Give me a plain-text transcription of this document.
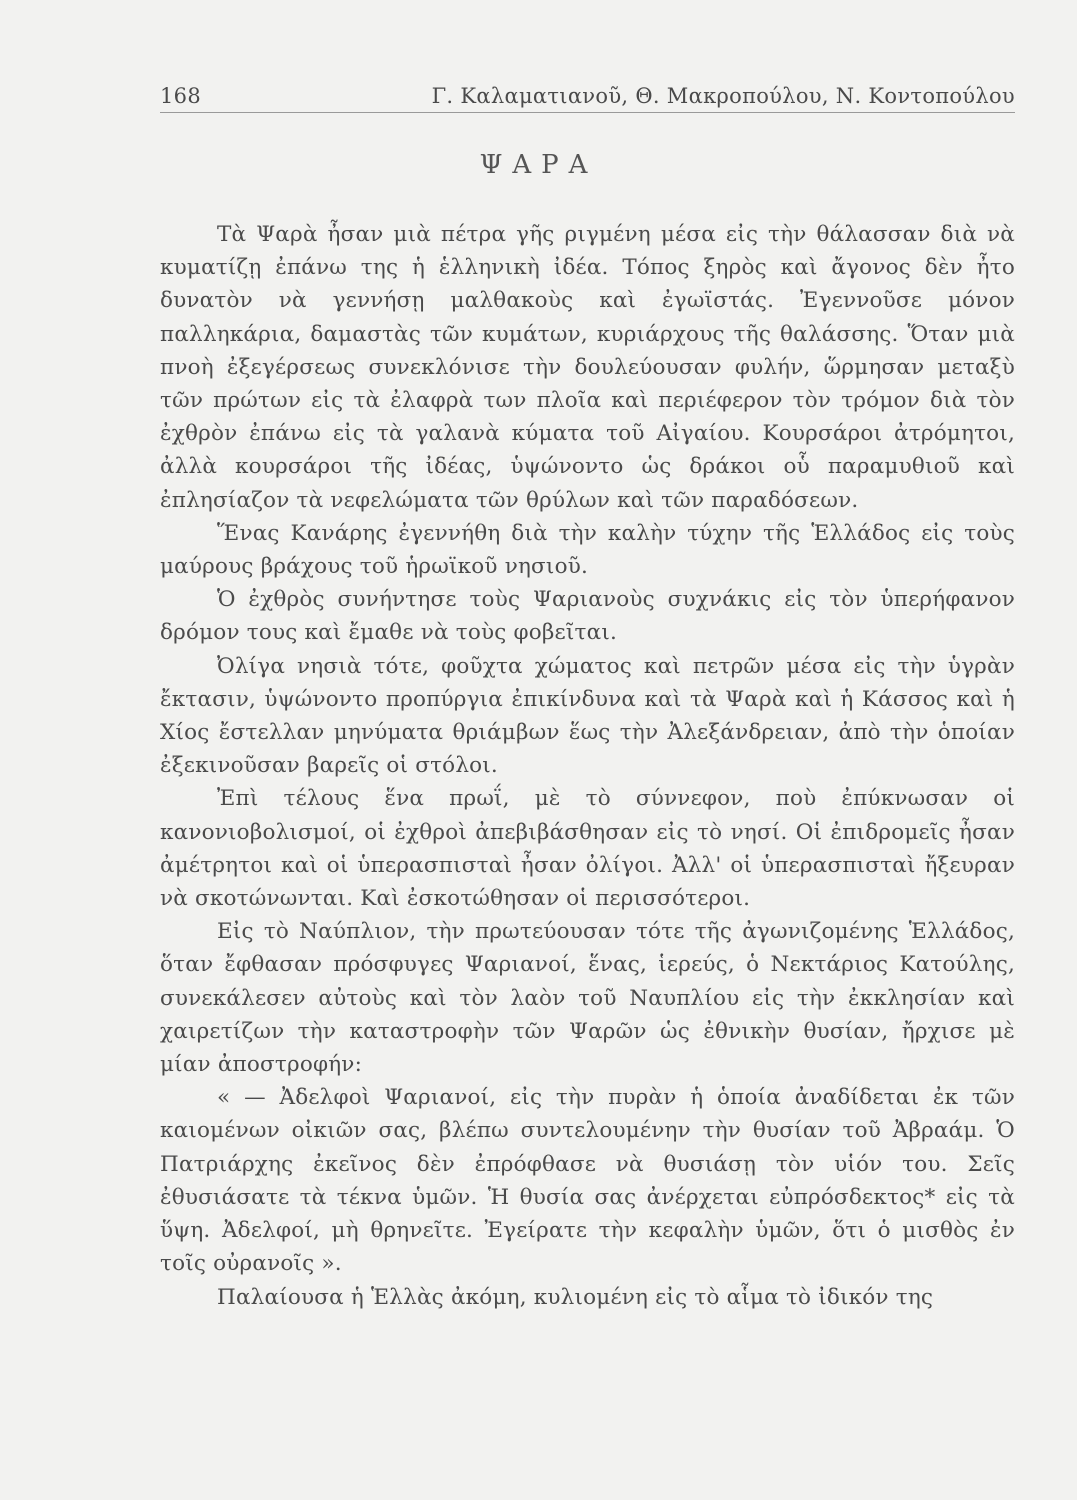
168	Γ. Καλαματιανοῦ, Θ. Μακροπούλου, Ν. Κοντοπούλου
ΨΑΡΑ

Τὰ Ψαρὰ ἦσαν μιὰ πέτρα γῆς ριγμένη μέσα εἰς τὴν θάλασσαν διὰ νὰ κυματίζῃ ἐπάνω της ἡ ἑλληνικὴ ἰδέα. Τόπος ξηρὸς καὶ ἄγονος δὲν ἦτο δυνατὸν νὰ γεννήσῃ μαλθακοὺς καὶ ἐγωϊστάς. Ἐγεννοῦσε μόνον παλληκάρια, δαμαστὰς τῶν κυμάτων, κυριάρχους τῆς θαλάσσης. Ὅταν μιὰ πνοὴ ἐξεγέρσεως συνεκλόνισε τὴν δουλεύουσαν φυλήν, ὥρμησαν μεταξὺ τῶν πρώτων εἰς τὰ ἐλαφρὰ των πλοῖα καὶ περιέφερον τὸν τρόμον διὰ τὸν ἐχθρὸν ἐπάνω εἰς τὰ γαλανὰ κύματα τοῦ Αἰγαίου. Κουρσάροι ἀτρόμητοι, ἀλλὰ κουρσάροι τῆς ἰδέας, ὑψώνοντο ὡς δράκοι οὗ παραμυθιοῦ καὶ ἐπλησίαζον τὰ νεφελώματα τῶν θρύλων καὶ τῶν παραδόσεων.

Ἕνας Κανάρης ἐγεννήθη διὰ τὴν καλὴν τύχην τῆς Ἑλλάδος εἰς τοὺς μαύρους βράχους τοῦ ἡρωϊκοῦ νησιοῦ.

Ὁ ἐχθρὸς συνήντησε τοὺς Ψαριανοὺς συχνάκις εἰς τὸν ὑπερήφανον δρόμον τους καὶ ἔμαθε νὰ τοὺς φοβεῖται.

Ὀλίγα νησιὰ τότε, φοῦχτα χώματος καὶ πετρῶν μέσα εἰς τὴν ὑγρὰν ἔκτασιν, ὑψώνοντο προπύργια ἐπικίνδυνα καὶ τὰ Ψαρὰ καὶ ἡ Κάσσος καὶ ἡ Χίος ἔστελλαν μηνύματα θριάμβων ἕως τὴν Ἀλεξάνδρειαν, ἀπὸ τὴν ὁποίαν ἐξεκινοῦσαν βαρεῖς οἱ στόλοι.

Ἐπὶ τέλους ἕνα πρωΐ, μὲ τὸ σύννεφον, ποὺ ἐπύκνωσαν οἱ κανονιοβολισμοί, οἱ ἐχθροὶ ἀπεβιβάσθησαν εἰς τὸ νησί. Οἱ ἐπιδρομεῖς ἦσαν ἀμέτρητοι καὶ οἱ ὑπερασπισταὶ ἦσαν ὀλίγοι. Ἀλλ' οἱ ὑπερασπισταὶ ἤξευραν νὰ σκοτώνωνται. Καὶ ἐσκοτώθησαν οἱ περισσότεροι.

Εἰς τὸ Ναύπλιον, τὴν πρωτεύουσαν τότε τῆς ἀγωνιζομένης Ἑλλάδος, ὅταν ἔφθασαν πρόσφυγες Ψαριανοί, ἕνας, ἱερεύς, ὁ Νεκτάριος Κατούλης, συνεκάλεσεν αὐτοὺς καὶ τὸν λαὸν τοῦ Ναυπλίου εἰς τὴν ἐκκλησίαν καὶ χαιρετίζων τὴν καταστροφὴν τῶν Ψαρῶν ὡς ἐθνικὴν θυσίαν, ἤρχισε μὲ μίαν ἀποστροφήν:

« — Ἀδελφοὶ Ψαριανοί, εἰς τὴν πυρὰν ἡ ὁποία ἀναδίδεται ἐκ τῶν καιομένων οἰκιῶν σας, βλέπω συντελουμένην τὴν θυσίαν τοῦ Ἀβραάμ. Ὁ Πατριάρχης ἐκεῖνος δὲν ἐπρόφθασε νὰ θυσιάσῃ τὸν υἱόν του. Σεῖς ἐθυσιάσατε τὰ τέκνα ὑμῶν. Ἡ θυσία σας ἀνέρχεται εὐπρόσδεκτος* εἰς τὰ ὕψη. Ἀδελφοί, μὴ θρηνεῖτε. Ἐγείρατε τὴν κεφαλὴν ὑμῶν, ὅτι ὁ μισθὸς ἐν τοῖς οὐρανοῖς ».

Παλαίουσα ἡ Ἑλλὰς ἀκόμη, κυλιομένη εἰς τὸ αἷμα τὸ ἰδικόν της
